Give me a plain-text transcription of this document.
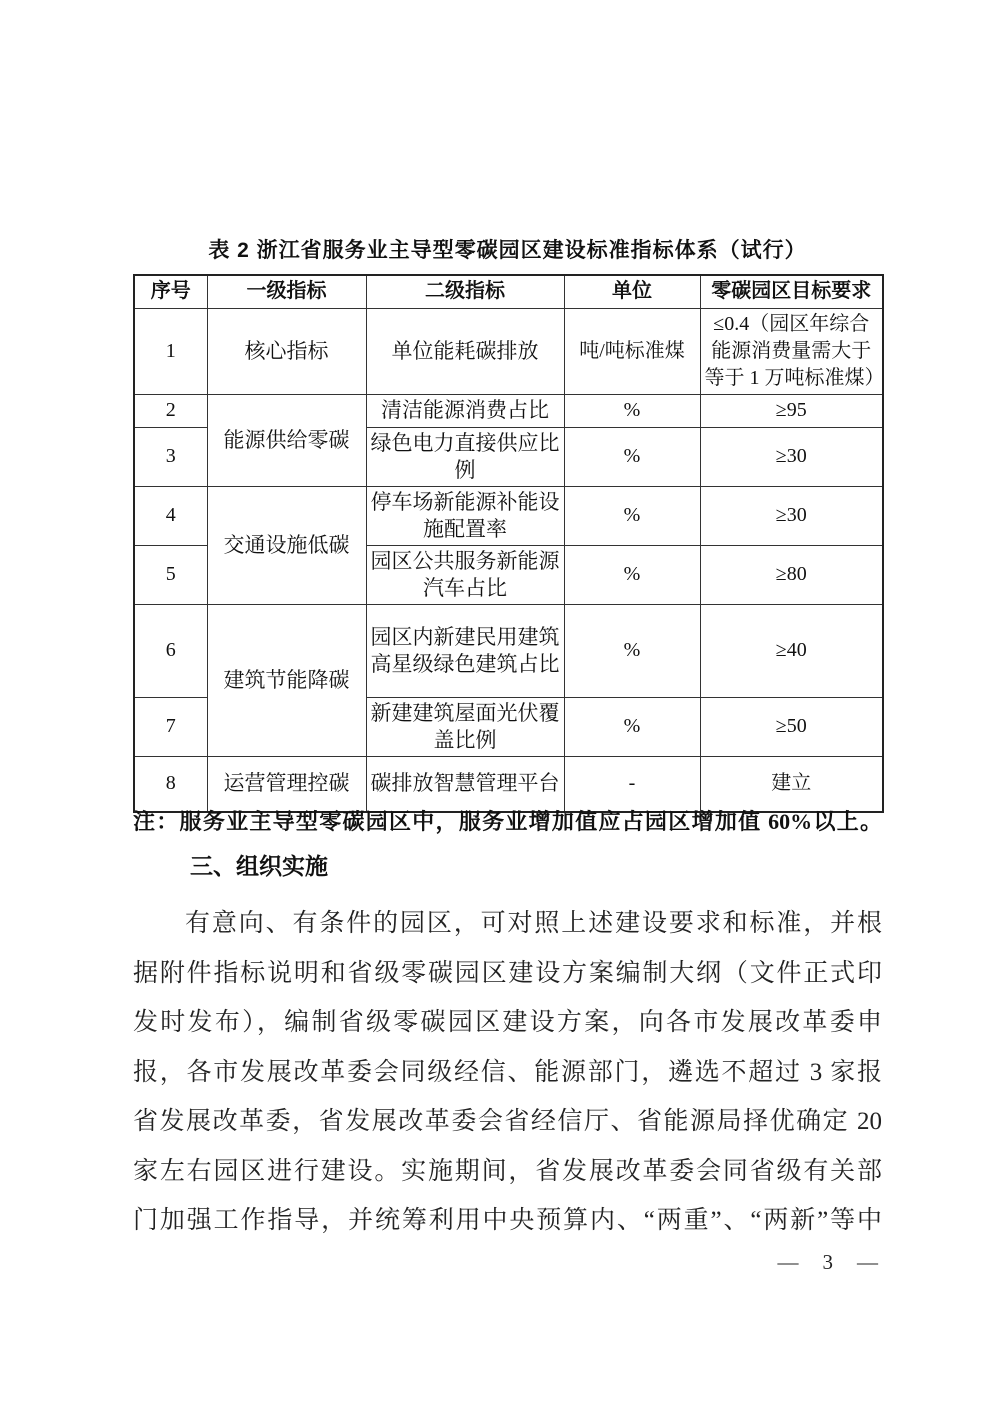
表 2 浙江省服务业主导型零碳园区建设标准指标体系（试行）
序号	一级指标	二级指标	单位	零碳园区目标要求
1	核心指标	单位能耗碳排放	吨/吨标准煤	≤0.4（园区年综合能源消费量需大于等于 1 万吨标准煤）
2	能源供给零碳	清洁能源消费占比	%	≥95
3		绿色电力直接供应比例	%	≥30
4	交通设施低碳	停车场新能源补能设施配置率	%	≥30
5		园区公共服务新能源汽车占比	%	≥80
6	建筑节能降碳	园区内新建民用建筑高星级绿色建筑占比	%	≥40
7		新建建筑屋面光伏覆盖比例	%	≥50
8	运营管理控碳	碳排放智慧管理平台	-	建立
注：服务业主导型零碳园区中，服务业增加值应占园区增加值 60%以上。
三、组织实施
有意向、有条件的园区，可对照上述建设要求和标准，并根
据附件指标说明和省级零碳园区建设方案编制大纲（文件正式印
发时发布），编制省级零碳园区建设方案，向各市发展改革委申
报，各市发展改革委会同级经信、能源部门，遴选不超过 3 家报
省发展改革委，省发展改革委会省经信厅、省能源局择优确定 20
家左右园区进行建设。实施期间，省发展改革委会同省级有关部
门加强工作指导，并统筹利用中央预算内、“两重”、“两新”等中
— 3 —
